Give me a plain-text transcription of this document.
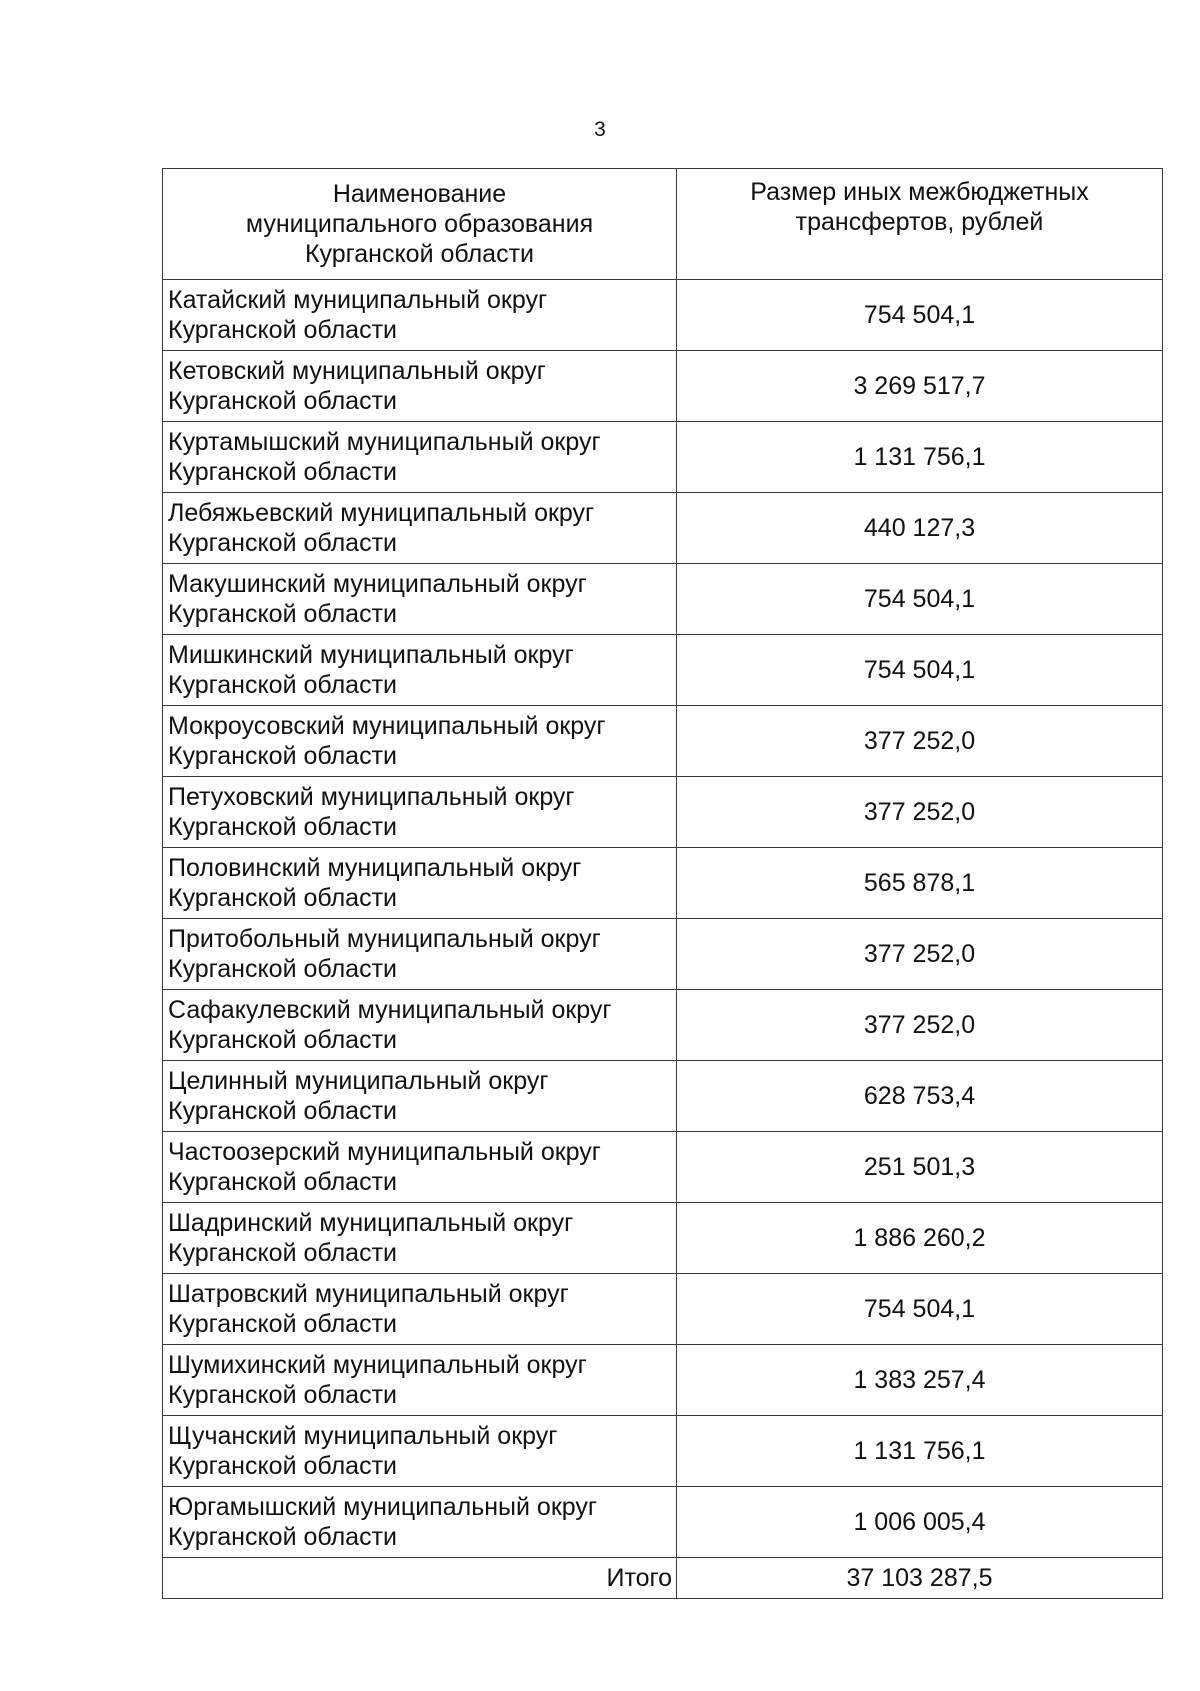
3
Наименование
муниципального образования
Курганской области	Размер иных межбюджетных
трансфертов, рублей

Катайский муниципальный округ
Курганской области	754 504,1

Кетовский муниципальный округ
Курганской области	3 269 517,7

Куртамышский муниципальный округ
Курганской области	1 131 756,1

Лебяжьевский муниципальный округ
Курганской области	440 127,3

Макушинский муниципальный округ
Курганской области	754 504,1

Мишкинский муниципальный округ
Курганской области	754 504,1

Мокроусовский муниципальный округ
Курганской области	377 252,0

Петуховский муниципальный округ
Курганской области	377 252,0

Половинский муниципальный округ
Курганской области	565 878,1

Притобольный муниципальный округ
Курганской области	377 252,0

Сафакулевский муниципальный округ
Курганской области	377 252,0

Целинный муниципальный округ
Курганской области	628 753,4

Частоозерский муниципальный округ
Курганской области	251 501,3

Шадринский муниципальный округ
Курганской области	1 886 260,2

Шатровский муниципальный округ
Курганской области	754 504,1

Шумихинский муниципальный округ
Курганской области	1 383 257,4

Щучанский муниципальный округ
Курганской области	1 131 756,1

Юргамышский муниципальный округ
Курганской области	1 006 005,4
Итого	37 103 287,5
